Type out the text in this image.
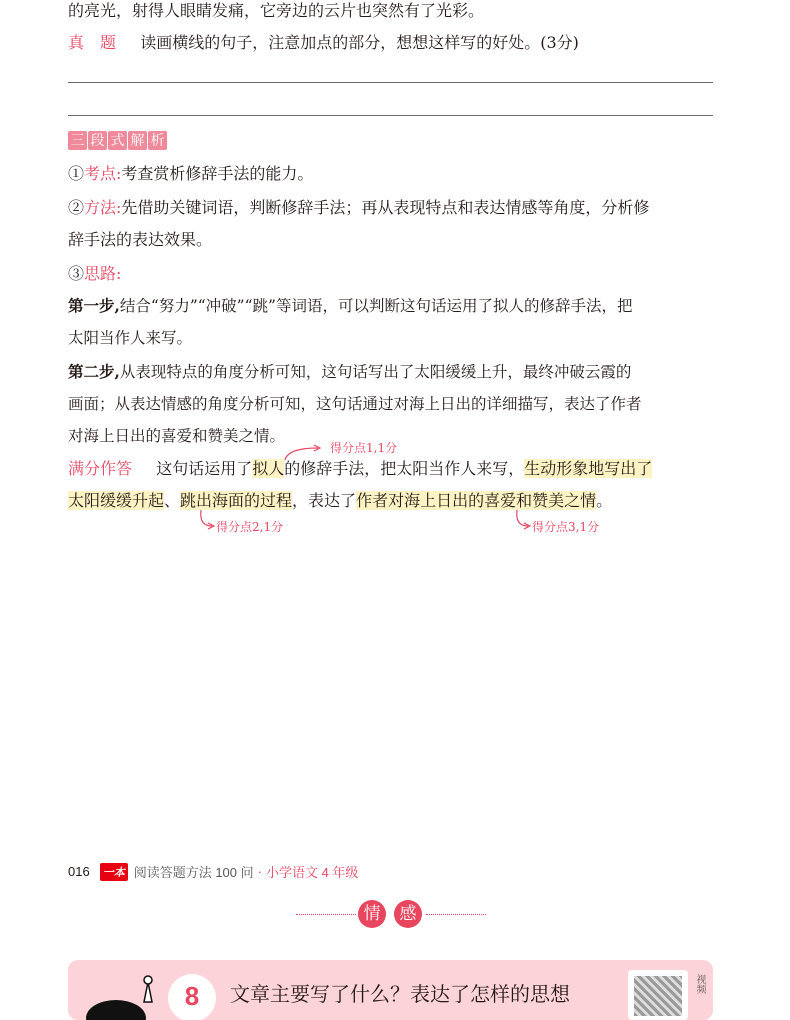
的亮光，射得人眼睛发痛，它旁边的云片也突然有了光彩。
真　题 读画横线的句子，注意加点的部分，想想这样写的好处。(3分)
三 段 式 解 析
①考点:考查赏析修辞手法的能力。
②方法:先借助关键词语，判断修辞手法；再从表现特点和表达情感等角度，分析修
辞手法的表达效果。
③思路:
第一步,结合“努力”“冲破”“跳”等词语，可以判断这句话运用了拟人的修辞手法，把
太阳当作人来写。
第二步,从表现特点的角度分析可知，这句话写出了太阳缓缓上升，最终冲破云霞的
画面；从表达情感的角度分析可知，这句话通过对海上日出的详细描写，表达了作者
对海上日出的喜爱和赞美之情。
得分点1,1分
满分作答 这句话运用了拟人的修辞手法，把太阳当作人来写，生动形象地写出了
太阳缓缓升起、跳出海面的过程，表达了作者对海上日出的喜爱和赞美之情。
得分点2,1分	得分点3,1分
016 一本 阅读答题方法 100 问 · 小学语文 4 年级
情	感
8	文章主要写了什么？表达了怎样的思想	视频
